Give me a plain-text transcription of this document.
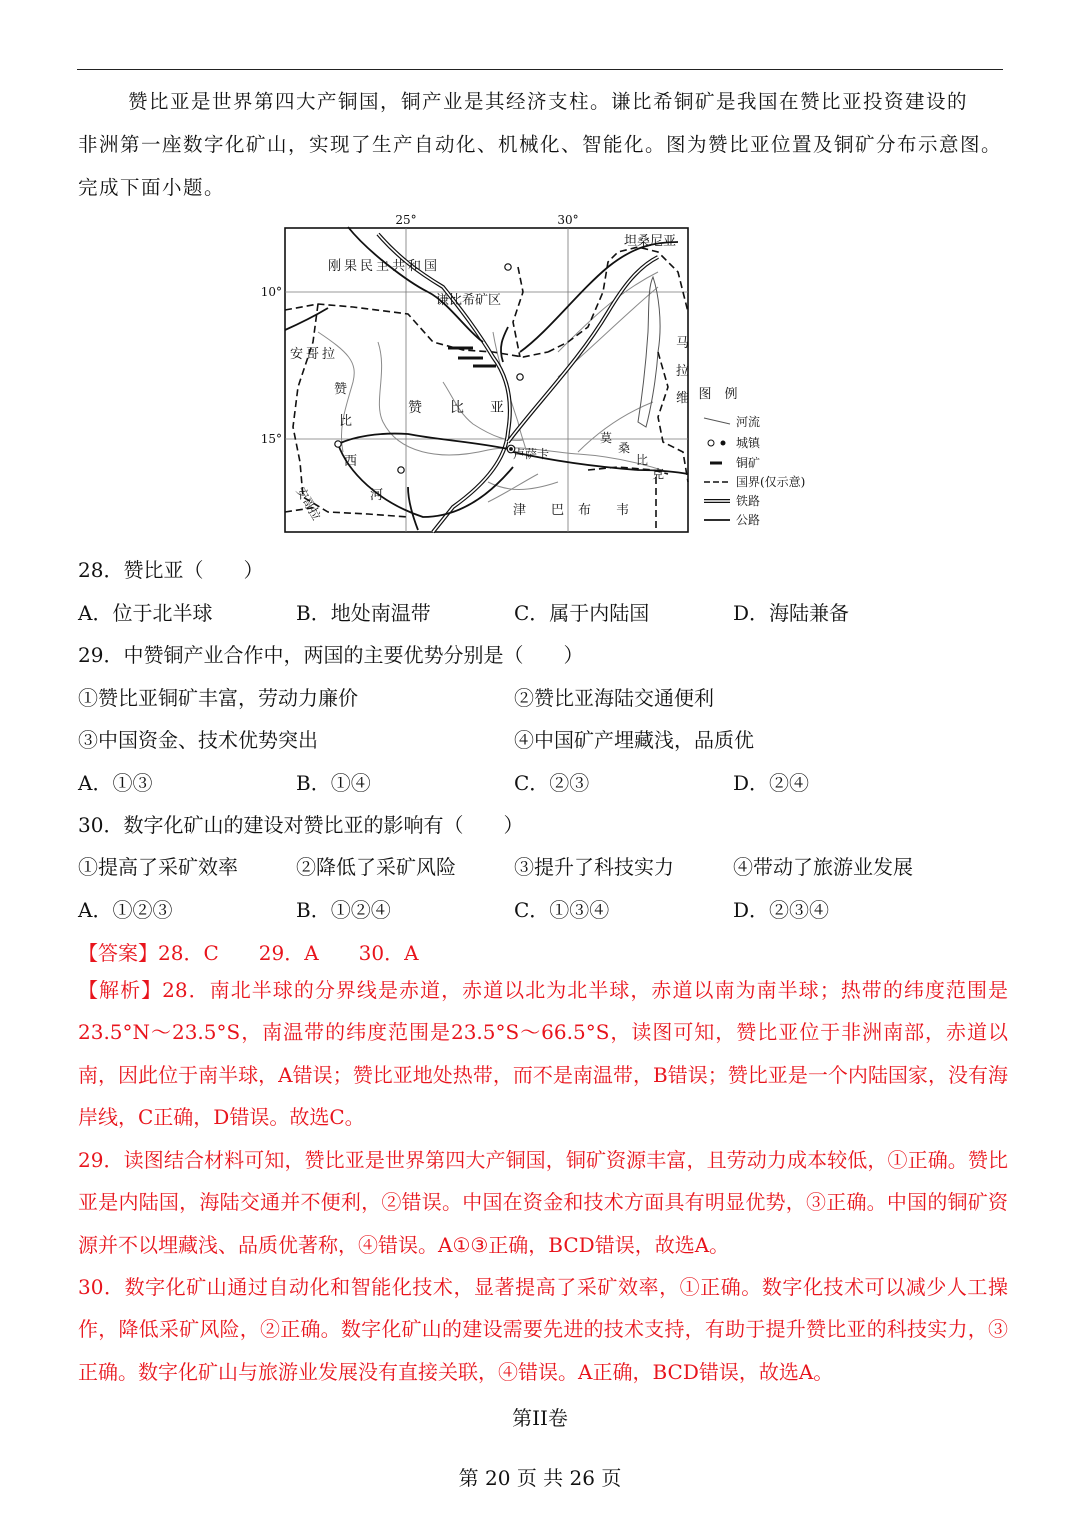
赞比亚是世界第四大产铜国，铜产业是其经济支柱。谦比希铜矿是我国在赞比亚投资建设的
非洲第一座数字化矿山，实现了生产自动化、机械化、智能化。图为赞比亚位置及铜矿分布示意图。
完成下面小题。
25°	30°
10°
15°
刚果民主共和国
坦桑尼亚
谦比希矿区
安哥拉
安哥拉
马
拉
维
赞 比 亚
赞
比
西
河
卢萨卡
津 巴 布 韦
莫
桑
比
克
图　例
河流
城镇
铜矿
国界(仅示意)
铁路
公路
28．赞比亚（　　）
A．位于北半球	B．地处南温带	C．属于内陆国	D．海陆兼备
29．中赞铜产业合作中，两国的主要优势分别是（　　）
①赞比亚铜矿丰富，劳动力廉价	②赞比亚海陆交通便利
③中国资金、技术优势突出	④中国矿产埋藏浅，品质优
A．①③	B．①④	C．②③	D．②④
30．数字化矿山的建设对赞比亚的影响有（　　）
①提高了采矿效率	②降低了采矿风险	③提升了科技实力	④带动了旅游业发展
A．①②③	B．①②④	C．①③④	D．②③④
【答案】28．C　　29．A　　30．A
【解析】28．南北半球的分界线是赤道，赤道以北为北半球，赤道以南为南半球；热带的纬度范围是23.5°N～23.5°S，南温带的纬度范围是23.5°S～66.5°S，读图可知，赞比亚位于非洲南部，赤道以南，因此位于南半球，A错误；赞比亚地处热带，而不是南温带，B错误；赞比亚是一个内陆国家，没有海岸线，C正确，D错误。故选C。
29．读图结合材料可知，赞比亚是世界第四大产铜国，铜矿资源丰富，且劳动力成本较低，①正确。赞比亚是内陆国，海陆交通并不便利，②错误。中国在资金和技术方面具有明显优势，③正确。中国的铜矿资源并不以埋藏浅、品质优著称，④错误。A①③正确，BCD错误，故选A。
30．数字化矿山通过自动化和智能化技术，显著提高了采矿效率，①正确。数字化技术可以减少人工操作，降低采矿风险，②正确。数字化矿山的建设需要先进的技术支持，有助于提升赞比亚的科技实力，③正确。数字化矿山与旅游业发展没有直接关联，④错误。A正确，BCD错误，故选A。
第II卷
第 20 页 共 26 页
